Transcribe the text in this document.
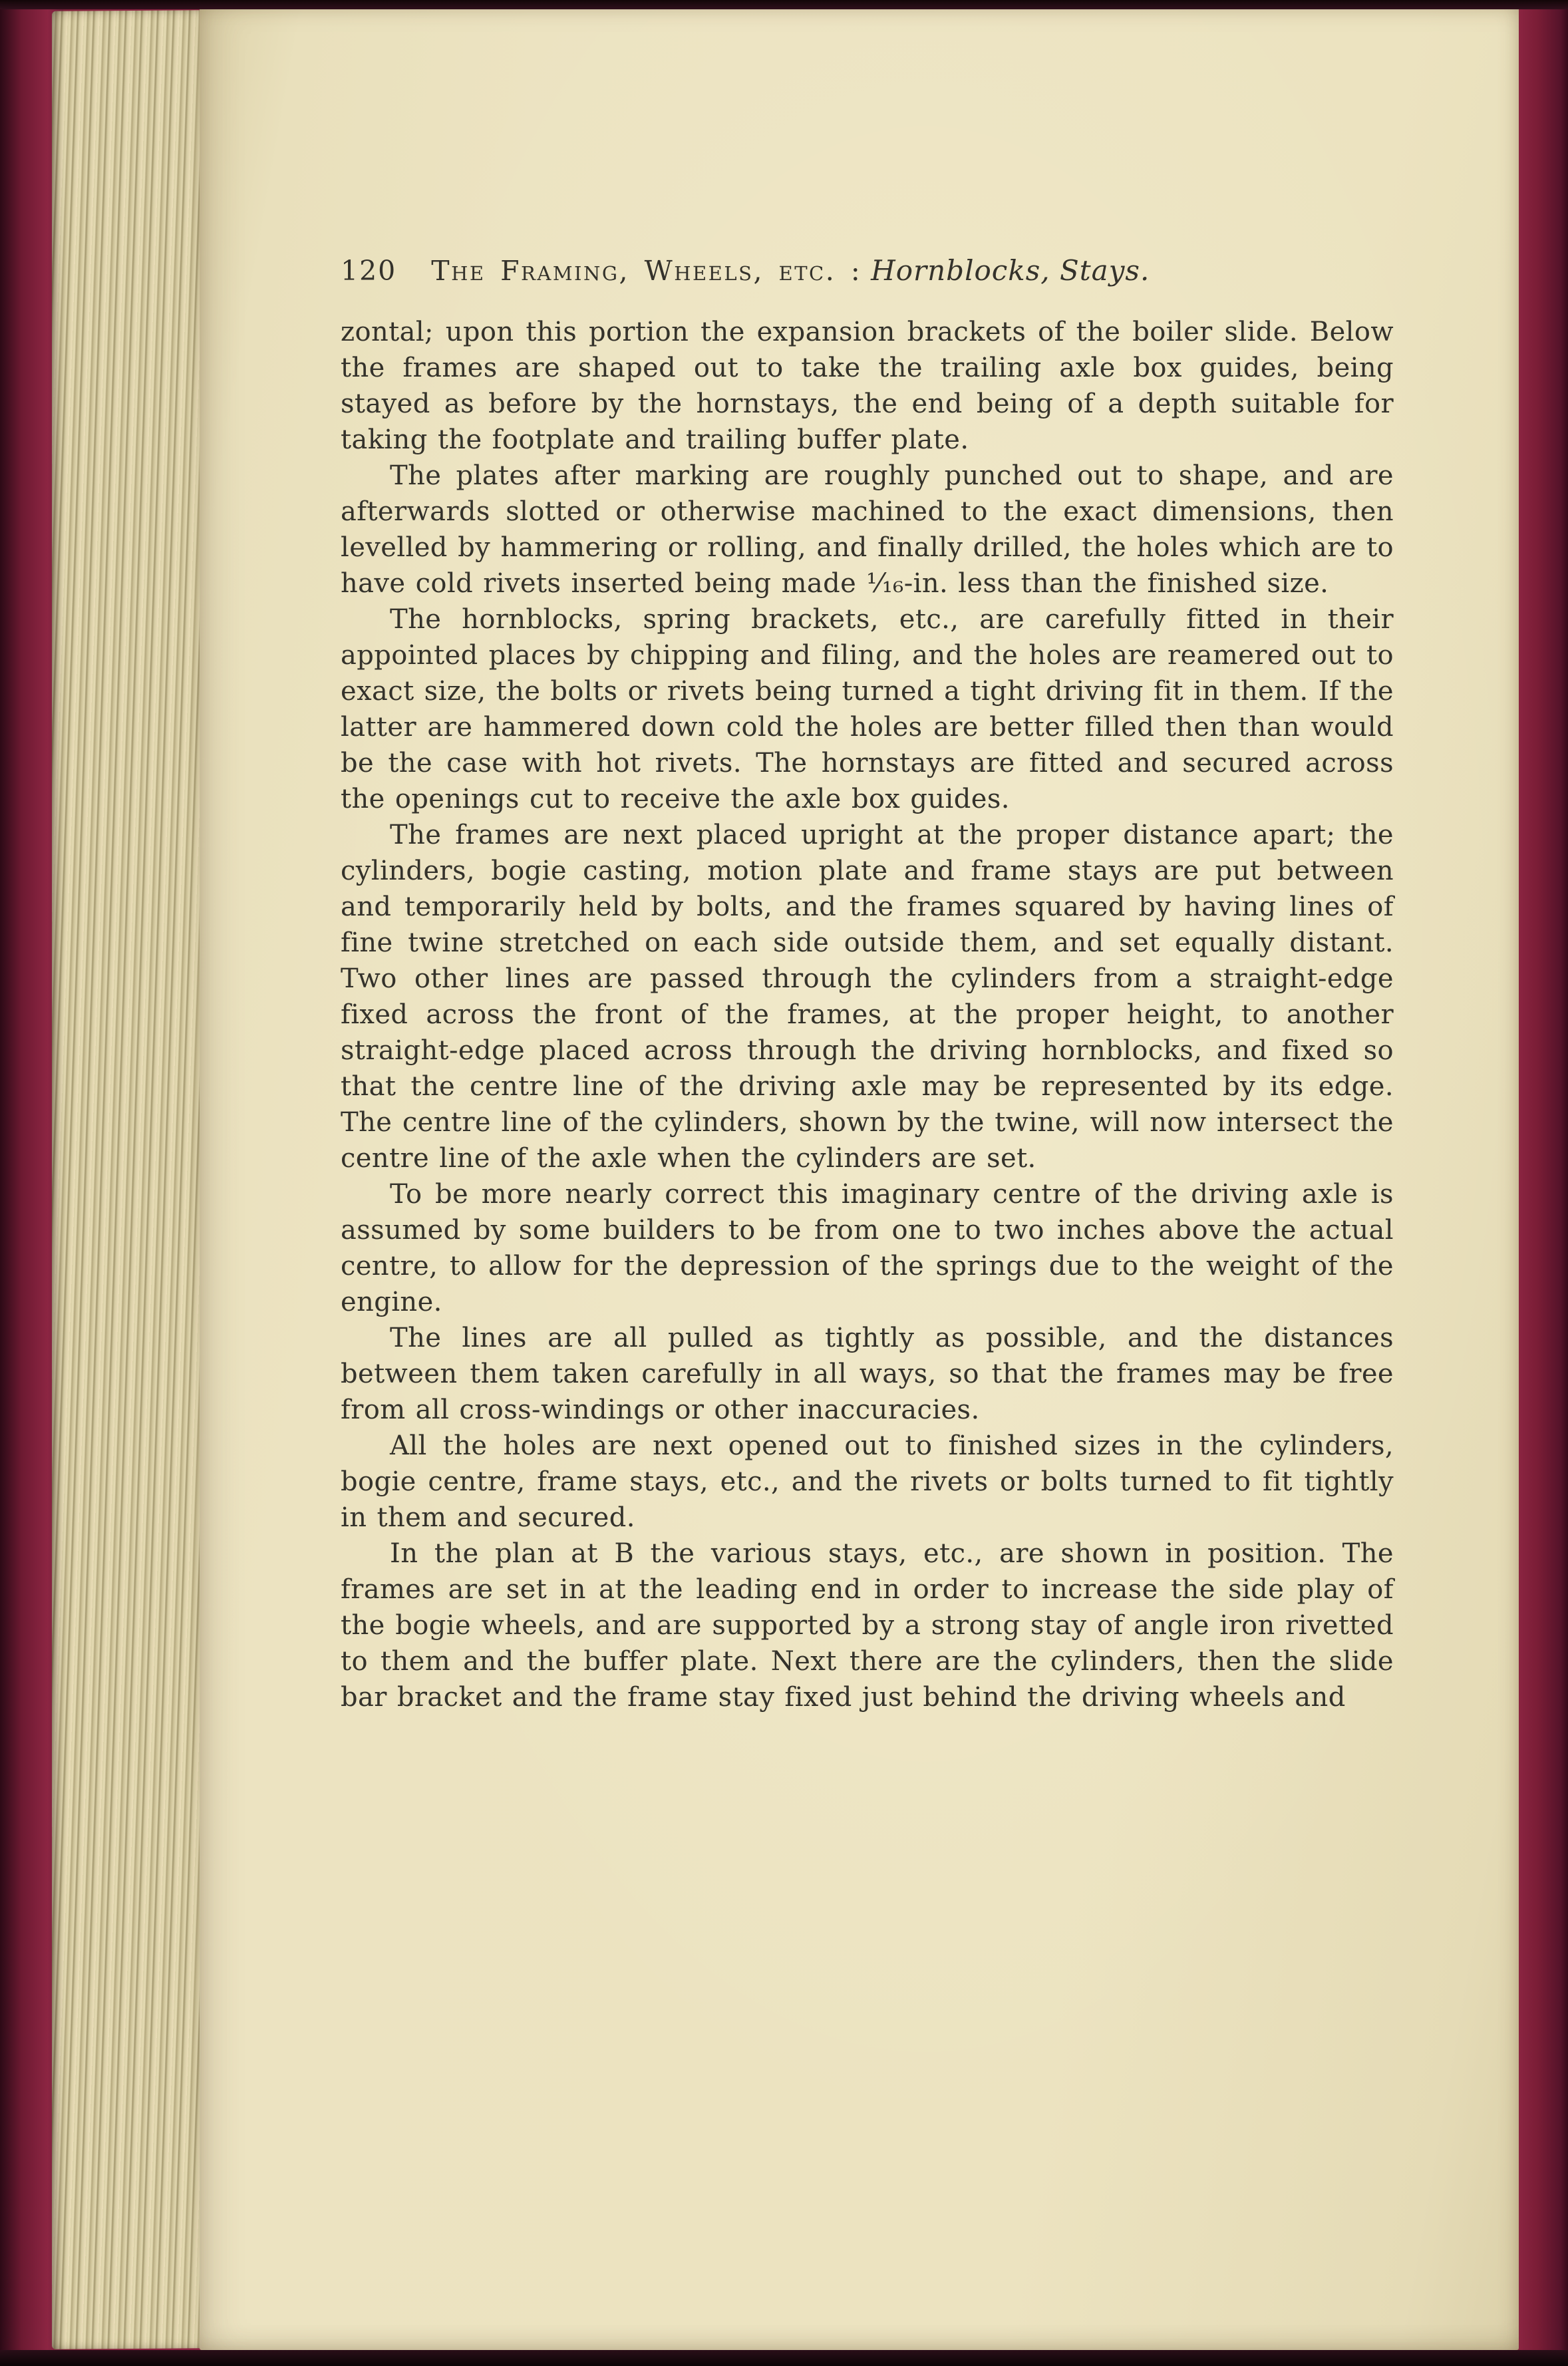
120 The Framing, Wheels, etc. : Hornblocks, Stays.

zontal; upon this portion the expansion brackets of the boiler slide. Below the frames are shaped out to take the trailing axle box guides, being stayed as before by the hornstays, the end being of a depth suitable for taking the footplate and trailing buffer plate.

The plates after marking are roughly punched out to shape, and are afterwards slotted or otherwise machined to the exact dimensions, then levelled by hammering or rolling, and finally drilled, the holes which are to have cold rivets inserted being made ¹⁄₁₆-in. less than the finished size.

The hornblocks, spring brackets, etc., are carefully fitted in their appointed places by chipping and filing, and the holes are reamered out to exact size, the bolts or rivets being turned a tight driving fit in them. If the latter are hammered down cold the holes are better filled then than would be the case with hot rivets. The hornstays are fitted and secured across the openings cut to receive the axle box guides.

The frames are next placed upright at the proper distance apart; the cylinders, bogie casting, motion plate and frame stays are put between and temporarily held by bolts, and the frames squared by having lines of fine twine stretched on each side outside them, and set equally distant. Two other lines are passed through the cylinders from a straight-edge fixed across the front of the frames, at the proper height, to another straight-edge placed across through the driving hornblocks, and fixed so that the centre line of the driving axle may be represented by its edge. The centre line of the cylinders, shown by the twine, will now intersect the centre line of the axle when the cylinders are set.

To be more nearly correct this imaginary centre of the driving axle is assumed by some builders to be from one to two inches above the actual centre, to allow for the depression of the springs due to the weight of the engine.

The lines are all pulled as tightly as possible, and the distances between them taken carefully in all ways, so that the frames may be free from all cross-windings or other inaccuracies.

All the holes are next opened out to finished sizes in the cylinders, bogie centre, frame stays, etc., and the rivets or bolts turned to fit tightly in them and secured.

In the plan at B the various stays, etc., are shown in position. The frames are set in at the leading end in order to increase the side play of the bogie wheels, and are supported by a strong stay of angle iron rivetted to them and the buffer plate. Next there are the cylinders, then the slide bar bracket and the frame stay fixed just behind the driving wheels and
